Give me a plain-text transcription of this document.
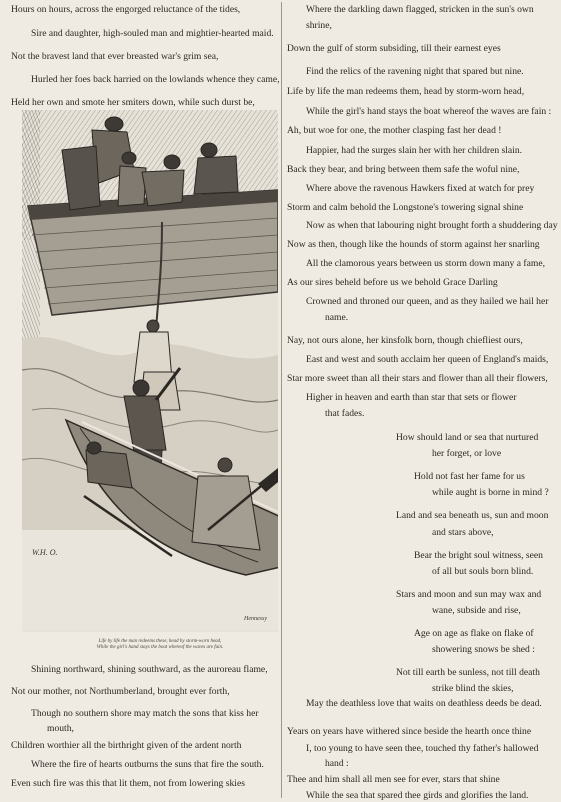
Hours on hours, across the engorged reluctance of the tides,
Sire and daughter, high-souled man and mightier-hearted maid.
Not the bravest land that ever breasted war's grim sea,
Hurled her foes back harried on the lowlands whence they came,
Held her own and smote her smiters down, while such durst be,
W.H. O.
Hennessy
Life by life the man redeems these, head by storm-worn head,
While the girl's hand stays the boat whereof the waves are fain.
Shining northward, shining southward, as the auroreau flame,
Not our mother, not Northumberland, brought ever forth,
Though no southern shore may match the sons that kiss her
mouth,
Children worthier all the birthright given of the ardent north
Where the fire of hearts outburns the suns that fire the south.
Even such fire was this that lit them, not from lowering skies
Where the darkling dawn flagged, stricken in the sun's own
shrine,
Down the gulf of storm subsiding, till their earnest eyes
Find the relics of the ravening night that spared but nine.
Life by life the man redeems them, head by storm-worn head,
While the girl's hand stays the boat whereof the waves are fain :
Ah, but woe for one, the mother clasping fast her dead !
Happier, had the surges slain her with her children slain.
Back they bear, and bring between them safe the woful nine,
Where above the ravenous Hawkers fixed at watch for prey
Storm and calm behold the Longstone's towering signal shine
Now as when that labouring night brought forth a shuddering day
Now as then, though like the hounds of storm against her snarling
All the clamorous years between us storm down many a fame,
As our sires beheld before us we behold Grace Darling
Crowned and throned our queen, and as they hailed we hail her
name.
Nay, not ours alone, her kinsfolk born, though chiefliest ours,
East and west and south acclaim her queen of England's maids,
Star more sweet than all their stars and flower than all their flowers,
Higher in heaven and earth than star that sets or flower
that fades.
How should land or sea that nurtured
her forget, or love
Hold not fast her fame for us
while aught is borne in mind ?
Land and sea beneath us, sun and moon
and stars above,
Bear the bright soul witness, seen
of all but souls born blind.
Stars and moon and sun may wax and
wane, subside and rise,
Age on age as flake on flake of
showering snows be shed :
Not till earth be sunless, not till death
strike blind the skies,
May the deathless love that waits on deathless deeds be dead.
Years on years have withered since beside the hearth once thine
I, too young to have seen thee, touched thy father's hallowed
hand :
Thee and him shall all men see for ever, stars that shine
While the sea that spared thee girds and glorifies the land.
